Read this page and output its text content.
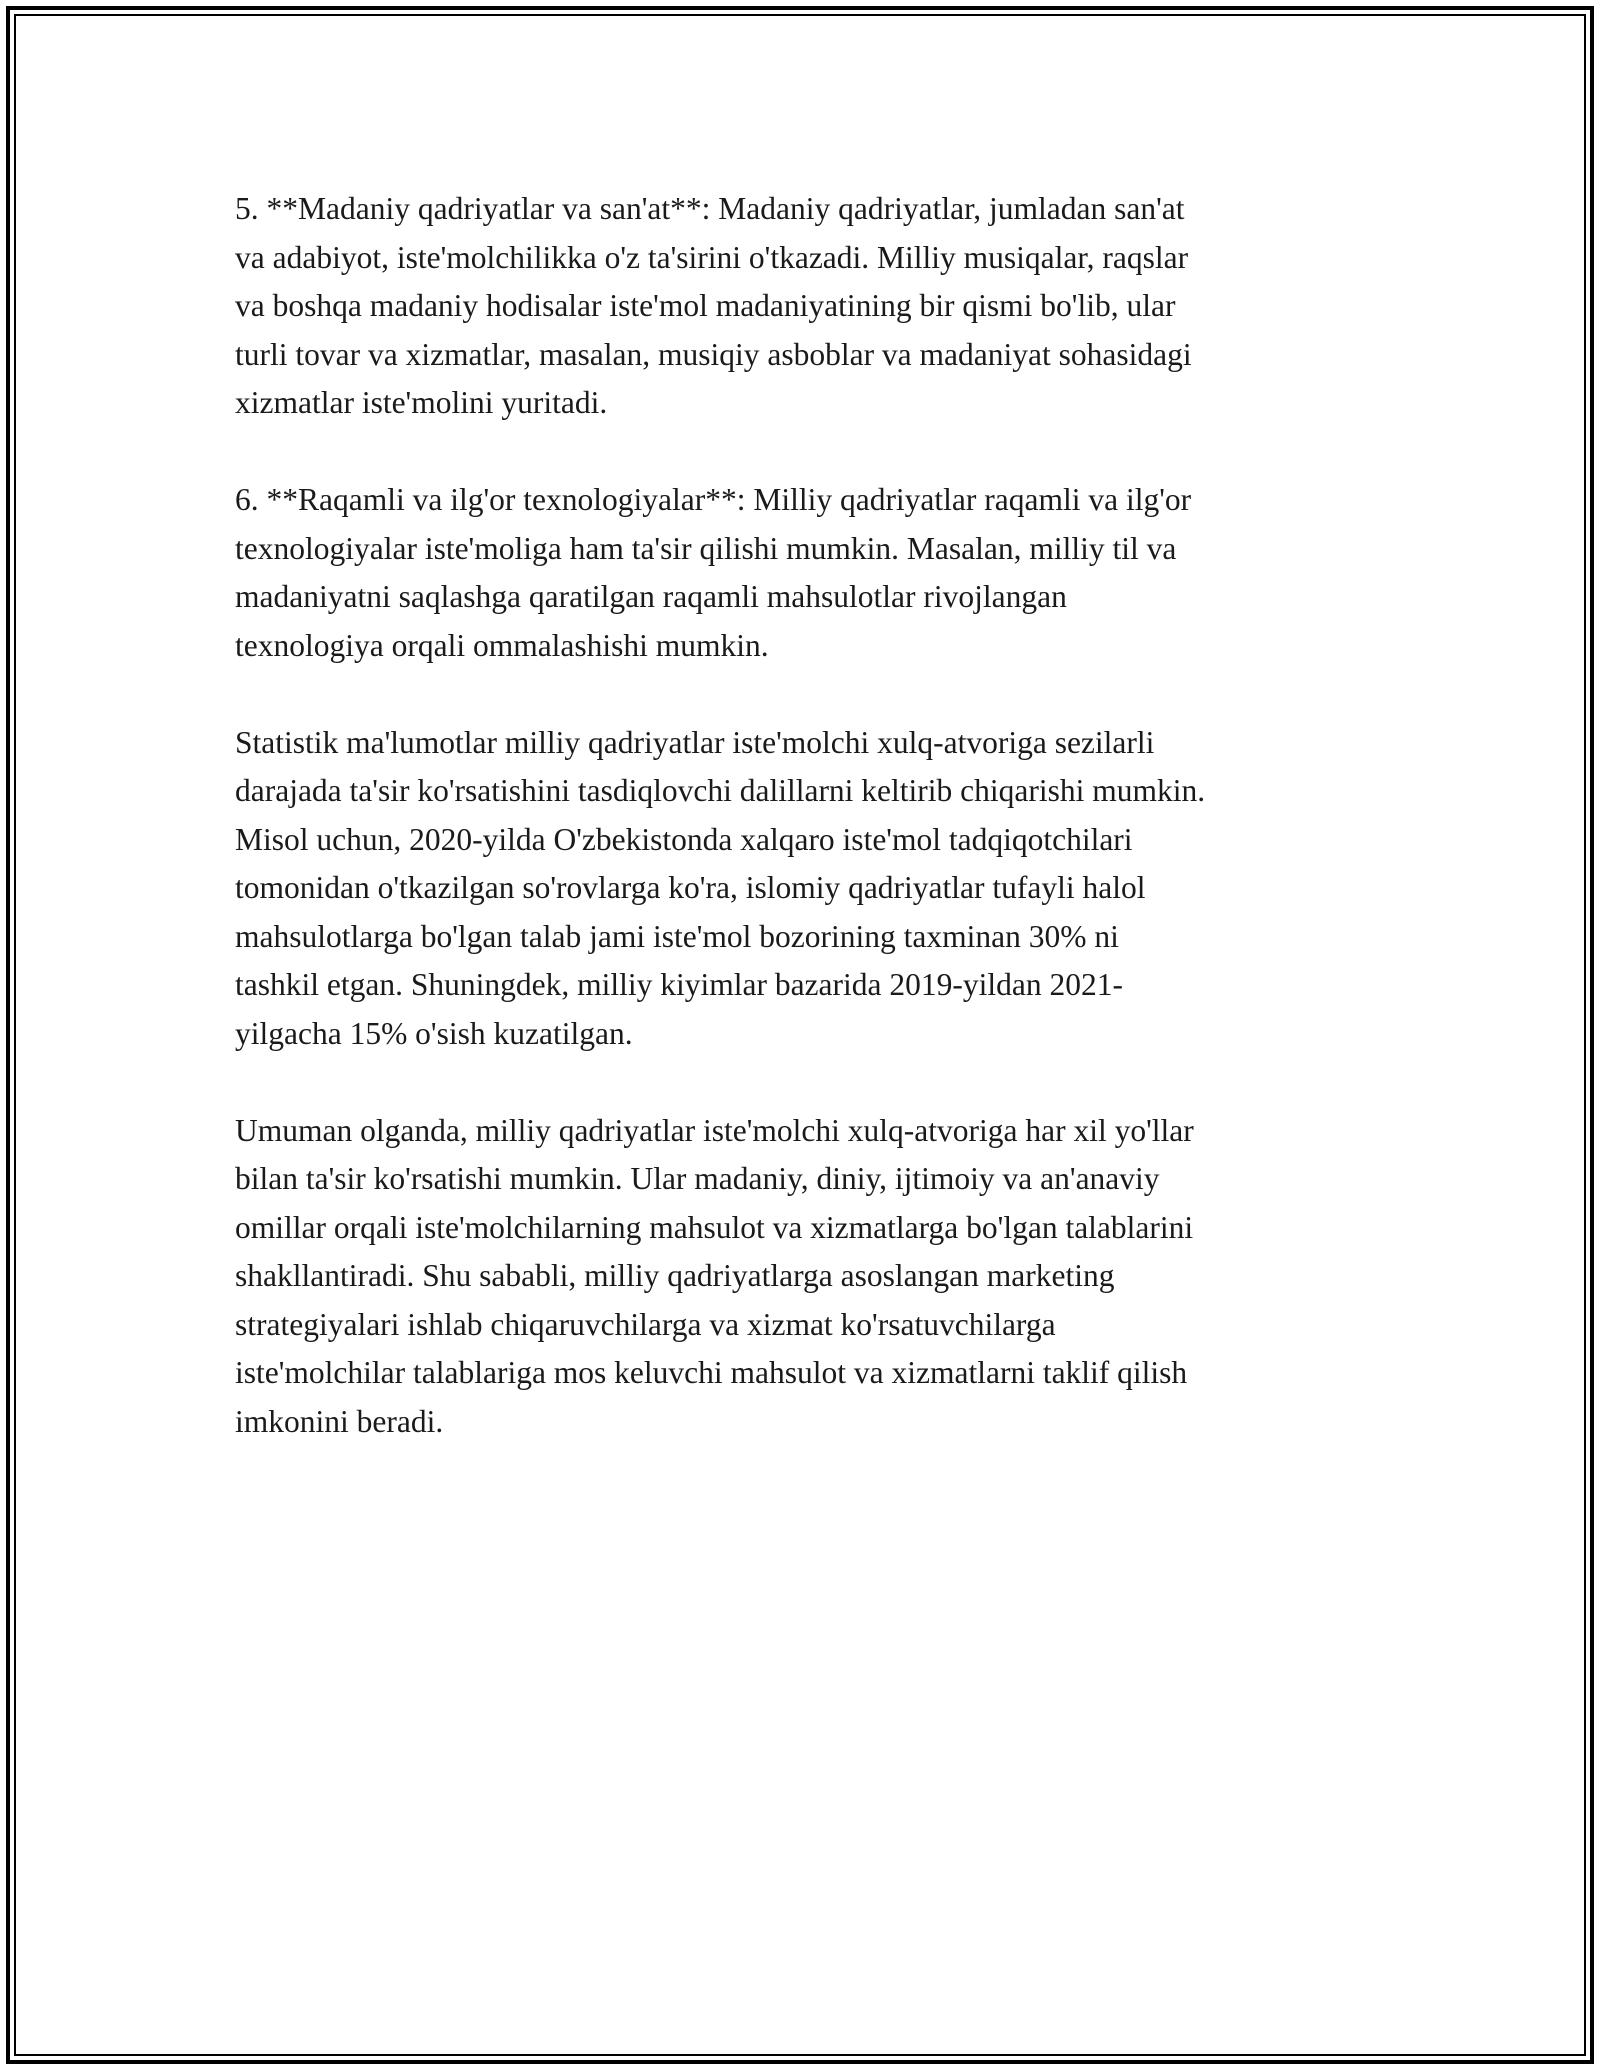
5. **Madaniy qadriyatlar va san'at**: Madaniy qadriyatlar, jumladan san'at
va adabiyot, iste'molchilikka o'z ta'sirini o'tkazadi. Milliy musiqalar, raqslar
va boshqa madaniy hodisalar iste'mol madaniyatining bir qismi bo'lib, ular
turli tovar va xizmatlar, masalan, musiqiy asboblar va madaniyat sohasidagi
xizmatlar iste'molini yuritadi.

6. **Raqamli va ilg'or texnologiyalar**: Milliy qadriyatlar raqamli va ilg'or
texnologiyalar iste'moliga ham ta'sir qilishi mumkin. Masalan, milliy til va
madaniyatni saqlashga qaratilgan raqamli mahsulotlar rivojlangan
texnologiya orqali ommalashishi mumkin.

Statistik ma'lumotlar milliy qadriyatlar iste'molchi xulq-atvoriga sezilarli
darajada ta'sir ko'rsatishini tasdiqlovchi dalillarni keltirib chiqarishi mumkin.
Misol uchun, 2020-yilda O'zbekistonda xalqaro iste'mol tadqiqotchilari
tomonidan o'tkazilgan so'rovlarga ko'ra, islomiy qadriyatlar tufayli halol
mahsulotlarga bo'lgan talab jami iste'mol bozorining taxminan 30% ni
tashkil etgan. Shuningdek, milliy kiyimlar bazarida 2019-yildan 2021-
yilgacha 15% o'sish kuzatilgan.

Umuman olganda, milliy qadriyatlar iste'molchi xulq-atvoriga har xil yo'llar
bilan ta'sir ko'rsatishi mumkin. Ular madaniy, diniy, ijtimoiy va an'anaviy
omillar orqali iste'molchilarning mahsulot va xizmatlarga bo'lgan talablarini
shakllantiradi. Shu sababli, milliy qadriyatlarga asoslangan marketing
strategiyalari ishlab chiqaruvchilarga va xizmat ko'rsatuvchilarga
iste'molchilar talablariga mos keluvchi mahsulot va xizmatlarni taklif qilish
imkonini beradi.
